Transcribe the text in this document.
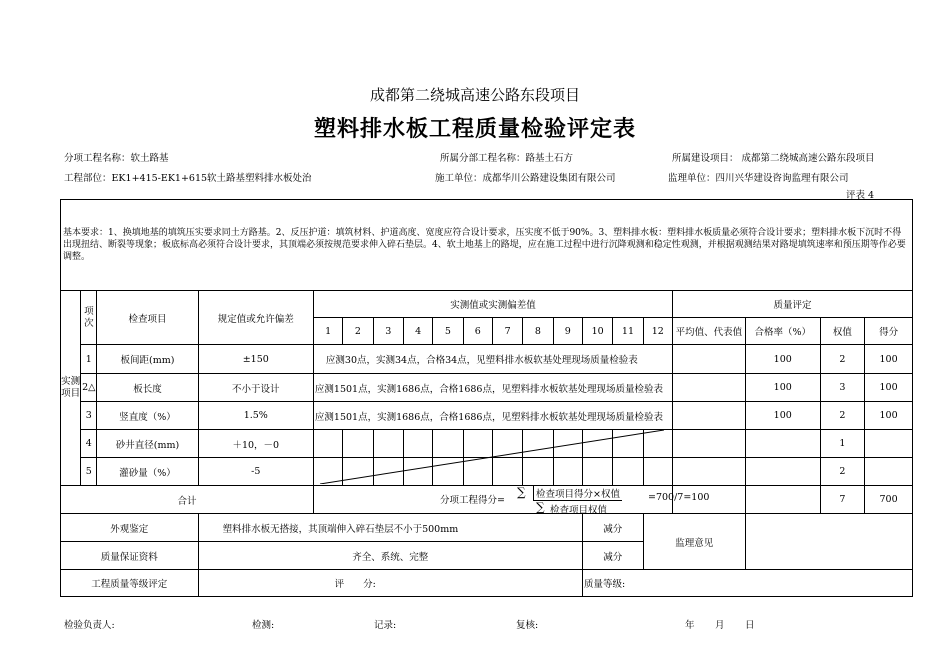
成都第二绕城高速公路东段项目
塑料排水板工程质量检验评定表
分项工程名称：软土路基	所属分部工程名称：路基土石方	所属建设项目： 成都第二绕城高速公路东段项目
工程部位：EK1+415-EK1+615软土路基塑料排水板处治	施工单位：成都华川公路建设集团有限公司	监理单位：四川兴华建设咨询监理有限公司
评表 4
基本要求：1、换填地基的填筑压实要求同土方路基。2、反压护道：填筑材料、护道高度、宽度应符合设计要求，压实度不低于90%。3、塑料排水板：塑料排水板质量必须符合设计要求；塑料排水板下沉时不得出现扭结、断裂等现象；板底标高必须符合设计要求，其顶端必须按规范要求伸入碎石垫层。4、软土地基上的路堤，应在施工过程中进行沉降观测和稳定性观测，并根据观测结果对路堤填筑速率和预压期等作必要调整。																			
实测项目	项次	检查项目	规定值或允许偏差	实测值或实测偏差值												质量评定			
				1	2	3	4	5	6	7	8	9	10	11	12	平均值、代表值	合格率（%）	权值	得分
	1	板间距(mm)	±150	应测30点，实测34点，合格34点，见塑料排水板软基处理现场质量检验表													100	2	100
	2△	板长度	不小于设计	应测1501点，实测1686点，合格1686点，见塑料排水板软基处理现场质量检验表													100	3	100
	3	竖直度（%）	1.5%	应测1501点，实测1686点，合格1686点，见塑料排水板软基处理现场质量检验表													100	2	100
	4	砂井直径(mm)	＋10，－0															1	
	5	灌砂量（%）	-5															2	
合计																		7	700
外观鉴定			塑料排水板无搭接，其顶端伸入碎石垫层不小于500mm										减分		监理意见				
质量保证资料			齐全、系统、完整										减分						
工程质量等级评定			评　　分:										质量等级:						
分项工程得分=
∑	检查项目得分×权值	=700/7=100
∑ 检查项目权值
检验负责人:	检测:	记录:	复核:	年 月 日
